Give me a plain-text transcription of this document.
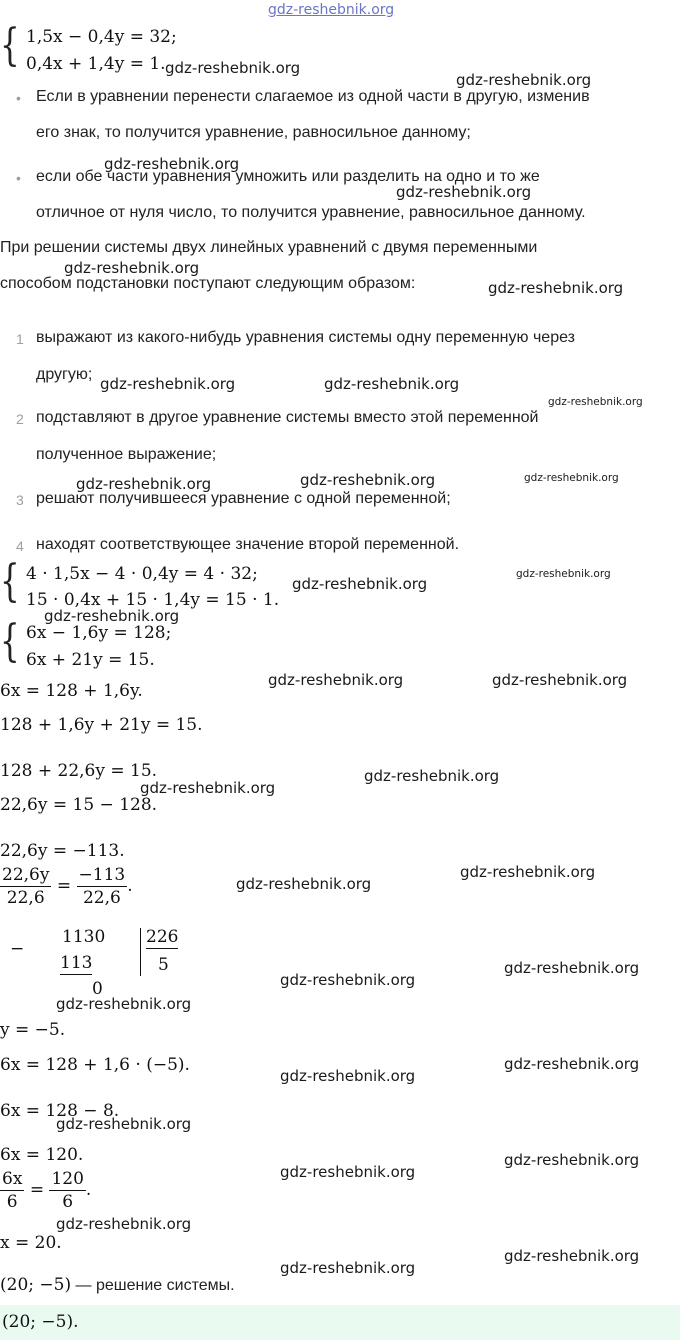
gdz-reshebnik.org
{ 1,5x − 0,4y = 32;
0,4x + 1,4y = 1.
• Если в уравнении перенести слагаемое из одной части в другую, изменив
его знак, то получится уравнение, равносильное данному;
• если обе части уравнения умножить или разделить на одно и то же
отличное от нуля число, то получится уравнение, равносильное данному.
При решении системы двух линейных уравнений с двумя переменными
способом подстановки поступают следующим образом:
1 выражают из какого-нибудь уравнения системы одну переменную через
другую;
2 подставляют в другое уравнение системы вместо этой переменной
полученное выражение;
3 решают получившееся уравнение с одной переменной;
4 находят соответствующее значение второй переменной.
{ 4 · 1,5x − 4 · 0,4y = 4 · 32;
15 · 0,4x + 15 · 1,4y = 15 · 1.
{ 6x − 1,6y = 128;
6x + 21y = 15.
6x = 128 + 1,6y.
128 + 1,6y + 21y = 15.
128 + 22,6y = 15.
22,6y = 15 − 128.
22,6y = −113.
$\frac{22,6y}{22,6} = \frac{-113}{22,6}$ .
−
1130
113
0
226
5
y = −5.
6x = 128 + 1,6 · (−5).
6x = 128 − 8.
6x = 120.
$\frac{6x}{6} = \frac{120}{6}$ .
x = 20.
(20; −5) — решение системы.
(20; −5).
gdz-reshebnik.org
gdz-reshebnik.org
gdz-reshebnik.org
gdz-reshebnik.org
gdz-reshebnik.org
gdz-reshebnik.org
gdz-reshebnik.org	gdz-reshebnik.org
gdz-reshebnik.org
gdz-reshebnik.org
gdz-reshebnik.org	gdz-reshebnik.org
gdz-reshebnik.org
gdz-reshebnik.org
gdz-reshebnik.org
gdz-reshebnik.org	gdz-reshebnik.org
gdz-reshebnik.org
gdz-reshebnik.org
gdz-reshebnik.org
gdz-reshebnik.org
gdz-reshebnik.org
gdz-reshebnik.org
gdz-reshebnik.org
gdz-reshebnik.org
gdz-reshebnik.org
gdz-reshebnik.org
gdz-reshebnik.org
gdz-reshebnik.org
gdz-reshebnik.org
gdz-reshebnik.org
gdz-reshebnik.org
